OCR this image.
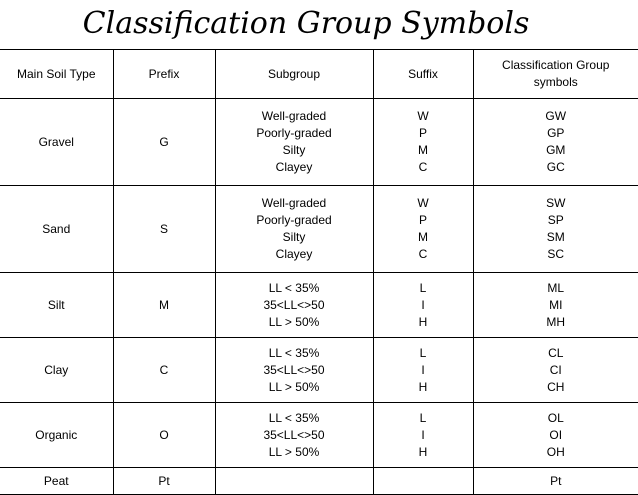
Classification Group Symbols
Main Soil Type	Prefix	Subgroup	Suffix	Classification Group symbols
Gravel	G	Well-graded
Poorly-graded
Silty
Clayey	W
P
M
C	GW
GP
GM
GC

Sand	S	Well-graded
Poorly-graded
Silty
Clayey	W
P
M
C	SW
SP
SM
SC

Silt	M	LL < 35%
35<LL<>50
LL > 50%	L
I
H	ML
MI
MH

Clay	C	LL < 35%
35<LL<>50
LL > 50%	L
I
H	CL
CI
CH

Organic	O	LL < 35%
35<LL<>50
LL > 50%	L
I
H	OL
OI
OH

Peat	Pt			Pt
